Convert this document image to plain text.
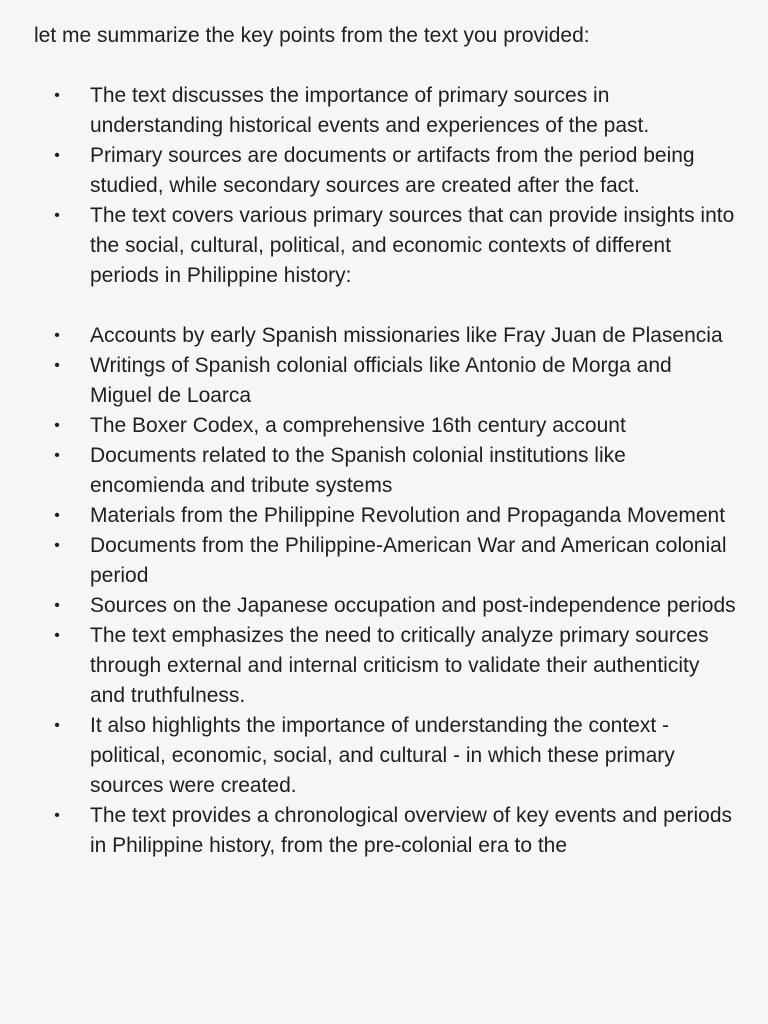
let me summarize the key points from the text you provided:

• The text discusses the importance of primary sources in understanding historical events and experiences of the past.
• Primary sources are documents or artifacts from the period being studied, while secondary sources are created after the fact.
• The text covers various primary sources that can provide insights into the social, cultural, political, and economic contexts of different periods in Philippine history:
• Accounts by early Spanish missionaries like Fray Juan de Plasencia
• Writings of Spanish colonial officials like Antonio de Morga and Miguel de Loarca
• The Boxer Codex, a comprehensive 16th century account
• Documents related to the Spanish colonial institutions like encomienda and tribute systems
• Materials from the Philippine Revolution and Propaganda Movement
• Documents from the Philippine-American War and American colonial period
• Sources on the Japanese occupation and post-independence periods
• The text emphasizes the need to critically analyze primary sources through external and internal criticism to validate their authenticity and truthfulness.
• It also highlights the importance of understanding the context - political, economic, social, and cultural - in which these primary sources were created.
• The text provides a chronological overview of key events and periods in Philippine history, from the pre-colonial era to the
